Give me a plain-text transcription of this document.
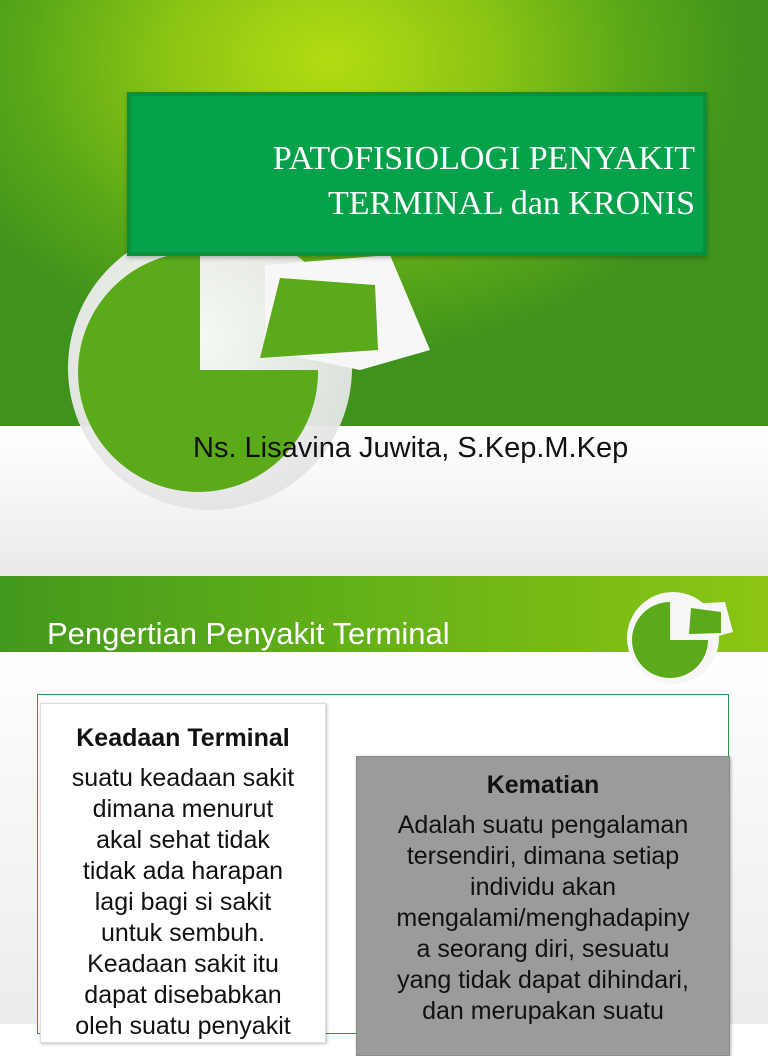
PATOFISIOLOGI PENYAKIT
TERMINAL dan KRONIS
Ns. Lisavina Juwita, S.Kep.M.Kep
Pengertian Penyakit Terminal
Keadaan Terminal
suatu keadaan sakit
dimana menurut
akal sehat tidak
tidak ada harapan
lagi bagi si sakit
untuk sembuh.
Keadaan sakit itu
dapat disebabkan
oleh suatu penyakit
Kematian
Adalah suatu pengalaman
tersendiri, dimana setiap
individu akan
mengalami/menghadapiny
a seorang diri, sesuatu
yang tidak dapat dihindari,
dan merupakan suatu
